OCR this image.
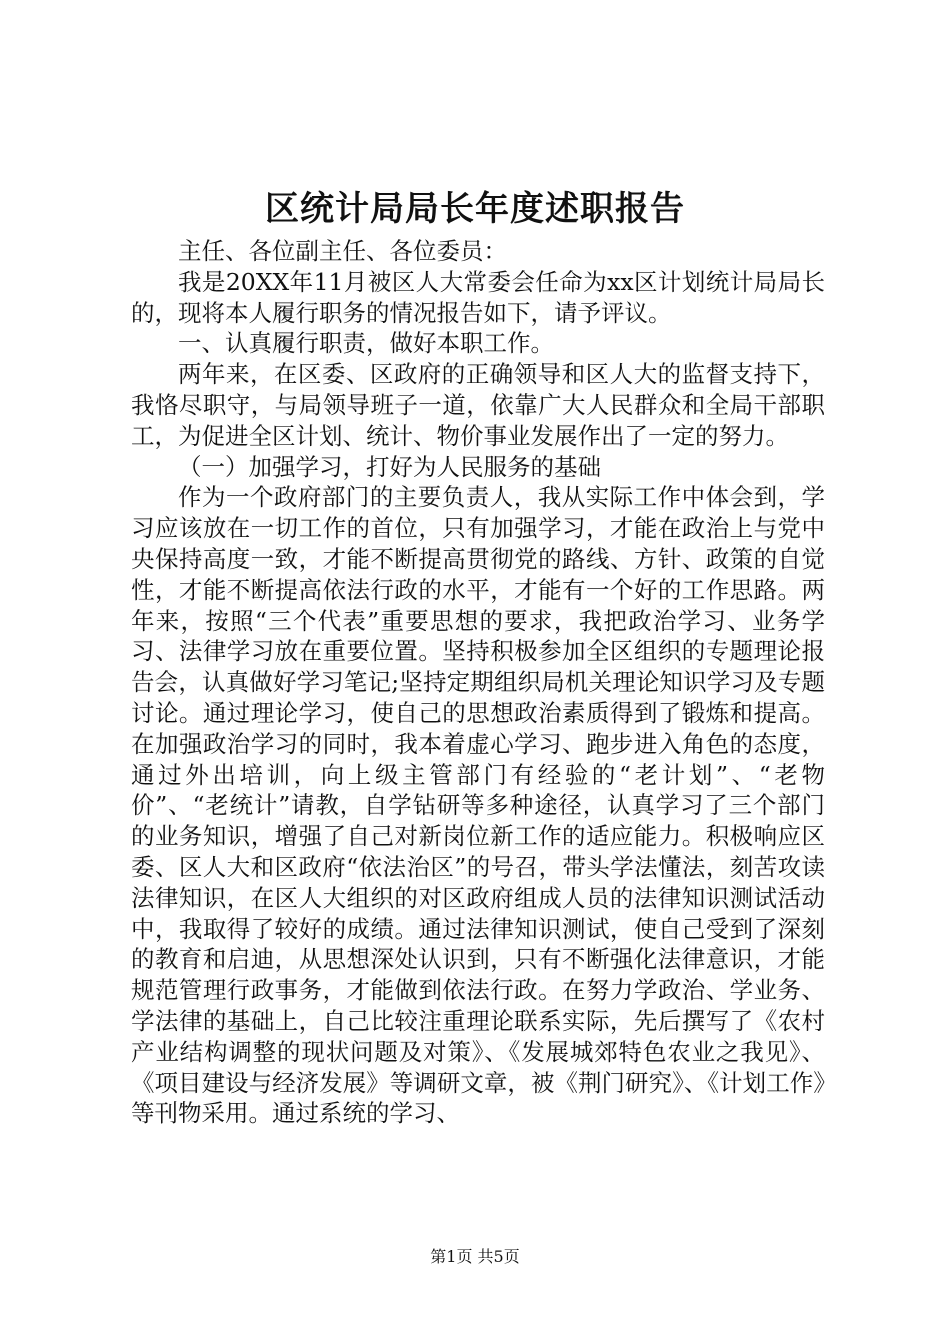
区统计局局长年度述职报告

主任、各位副主任、各位委员：

我是20XX年11月被区人大常委会任命为xx区计划统计局局长的，现将本人履行职务的情况报告如下，请予评议。

一、认真履行职责，做好本职工作。

两年来，在区委、区政府的正确领导和区人大的监督支持下，我恪尽职守，与局领导班子一道，依靠广大人民群众和全局干部职工，为促进全区计划、统计、物价事业发展作出了一定的努力。

（一）加强学习，打好为人民服务的基础

作为一个政府部门的主要负责人，我从实际工作中体会到，学习应该放在一切工作的首位，只有加强学习，才能在政治上与党中央保持高度一致，才能不断提高贯彻党的路线、方针、政策的自觉性，才能不断提高依法行政的水平，才能有一个好的工作思路。两年来，按照“三个代表”重要思想的要求，我把政治学习、业务学习、法律学习放在重要位置。坚持积极参加全区组织的专题理论报告会，认真做好学习笔记;坚持定期组织局机关理论知识学习及专题讨论。通过理论学习，使自己的思想政治素质得到了锻炼和提高。在加强政治学习的同时，我本着虚心学习、跑步进入角色的态度，通过外出培训，向上级主管部门有经验的“老计划”、“老物价”、“老统计”请教，自学钻研等多种途径，认真学习了三个部门的业务知识，增强了自己对新岗位新工作的适应能力。积极响应区委、区人大和区政府“依法治区”的号召，带头学法懂法，刻苦攻读法律知识，在区人大组织的对区政府组成人员的法律知识测试活动中，我取得了较好的成绩。通过法律知识测试，使自己受到了深刻的教育和启迪，从思想深处认识到，只有不断强化法律意识，才能规范管理行政事务，才能做到依法行政。在努力学政治、学业务、学法律的基础上，自己比较注重理论联系实际，先后撰写了《农村产业结构调整的现状问题及对策》、《发展城郊特色农业之我见》、《项目建设与经济发展》等调研文章，被《荆门研究》、《计划工作》等刊物采用。通过系统的学习、

第1页 共5页
